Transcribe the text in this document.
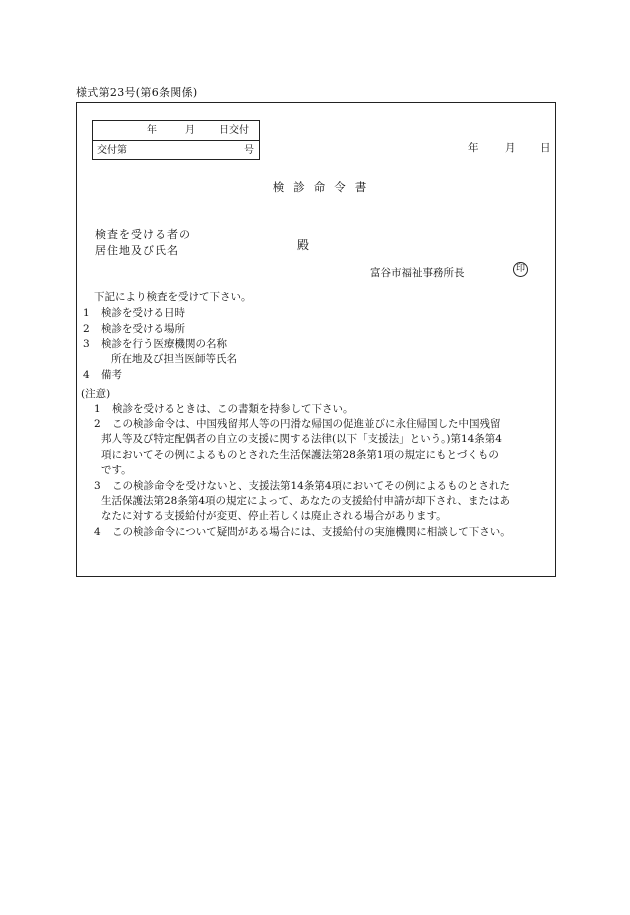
様式第23号(第6条関係)
年	月 日交付
交付第	号	年	月 日
検診命令書
検査を受ける者の
居住地及び氏名	殿
富谷市福祉事務所長	印
下記により検査を受けて下さい。
1 検診を受ける日時
2 検診を受ける場所
3 検診を行う医療機関の名称
所在地及び担当医師等氏名
4 備考
(注意)
1 検診を受けるときは、この書類を持参して下さい。
2 この検診命令は、中国残留邦人等の円滑な帰国の促進並びに永住帰国した中国残留
邦人等及び特定配偶者の自立の支援に関する法律(以下「支援法」という。)第14条第4
項においてその例によるものとされた生活保護法第28条第1項の規定にもとづくもの
です。
3 この検診命令を受けないと、支援法第14条第4項においてその例によるものとされた
生活保護法第28条第4項の規定によって、あなたの支援給付申請が却下され、またはあ
なたに対する支援給付が変更、停止若しくは廃止される場合があります。
4 この検診命令について疑問がある場合には、支援給付の実施機関に相談して下さい。
